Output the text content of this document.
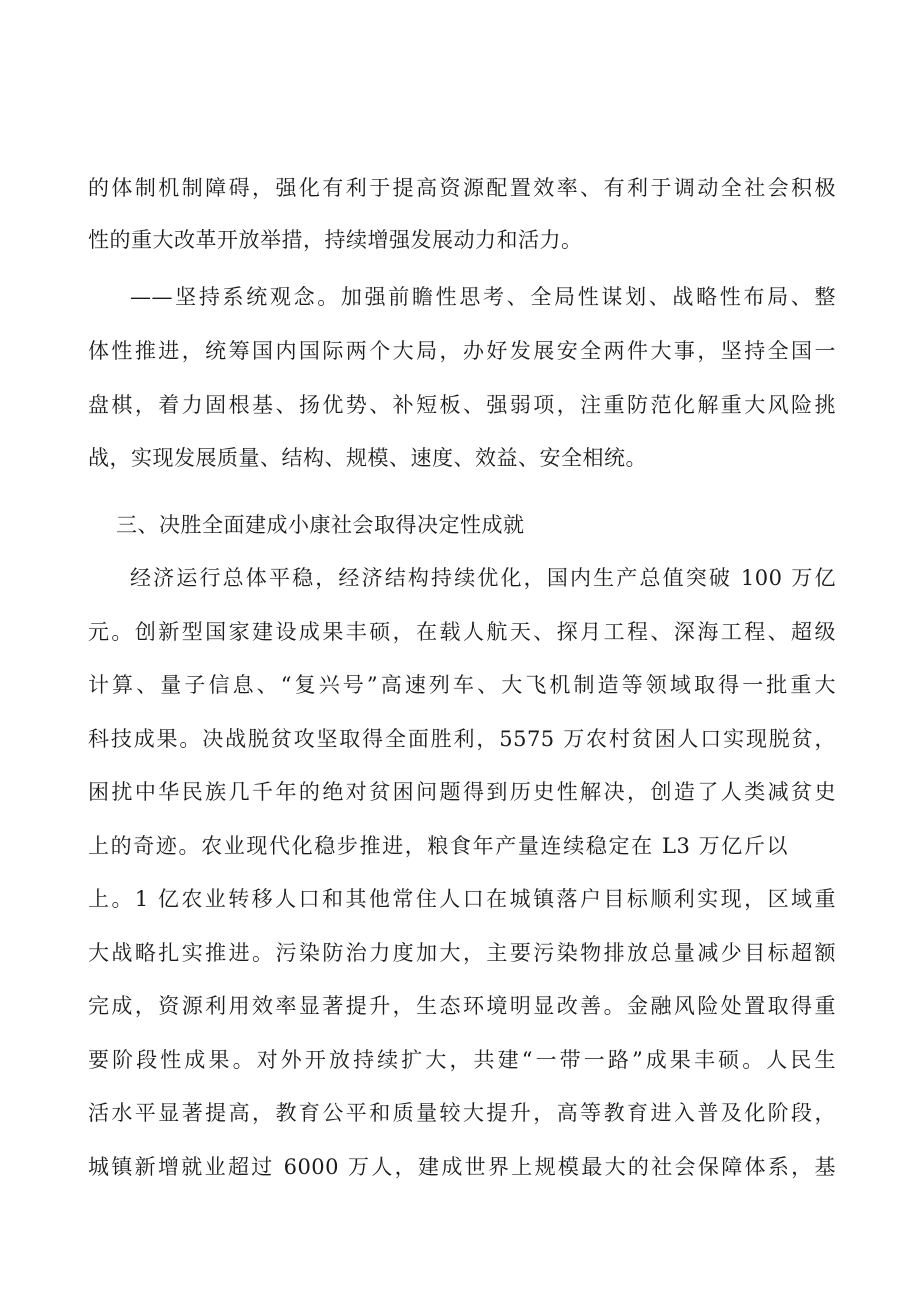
的体制机制障碍，强化有利于提高资源配置效率、有利于调动全社会积极
性的重大改革开放举措，持续增强发展动力和活力。
——坚持系统观念。加强前瞻性思考、全局性谋划、战略性布局、整
体性推进，统筹国内国际两个大局，办好发展安全两件大事，坚持全国一
盘棋，着力固根基、扬优势、补短板、强弱项，注重防范化解重大风险挑
战，实现发展质量、结构、规模、速度、效益、安全相统。
三、决胜全面建成小康社会取得决定性成就
经济运行总体平稳，经济结构持续优化，国内生产总值突破 100 万亿
元。创新型国家建设成果丰硕，在载人航天、探月工程、深海工程、超级
计算、量子信息、“复兴号”高速列车、大飞机制造等领域取得一批重大
科技成果。决战脱贫攻坚取得全面胜利，5575 万农村贫困人口实现脱贫，
困扰中华民族几千年的绝对贫困问题得到历史性解决，创造了人类减贫史
上的奇迹。农业现代化稳步推进，粮食年产量连续稳定在 L3 万亿斤以
上。1 亿农业转移人口和其他常住人口在城镇落户目标顺利实现，区域重
大战略扎实推进。污染防治力度加大，主要污染物排放总量减少目标超额
完成，资源利用效率显著提升，生态环境明显改善。金融风险处置取得重
要阶段性成果。对外开放持续扩大，共建“一带一路”成果丰硕。人民生
活水平显著提高，教育公平和质量较大提升，高等教育进入普及化阶段，
城镇新增就业超过 6000 万人，建成世界上规模最大的社会保障体系，基
